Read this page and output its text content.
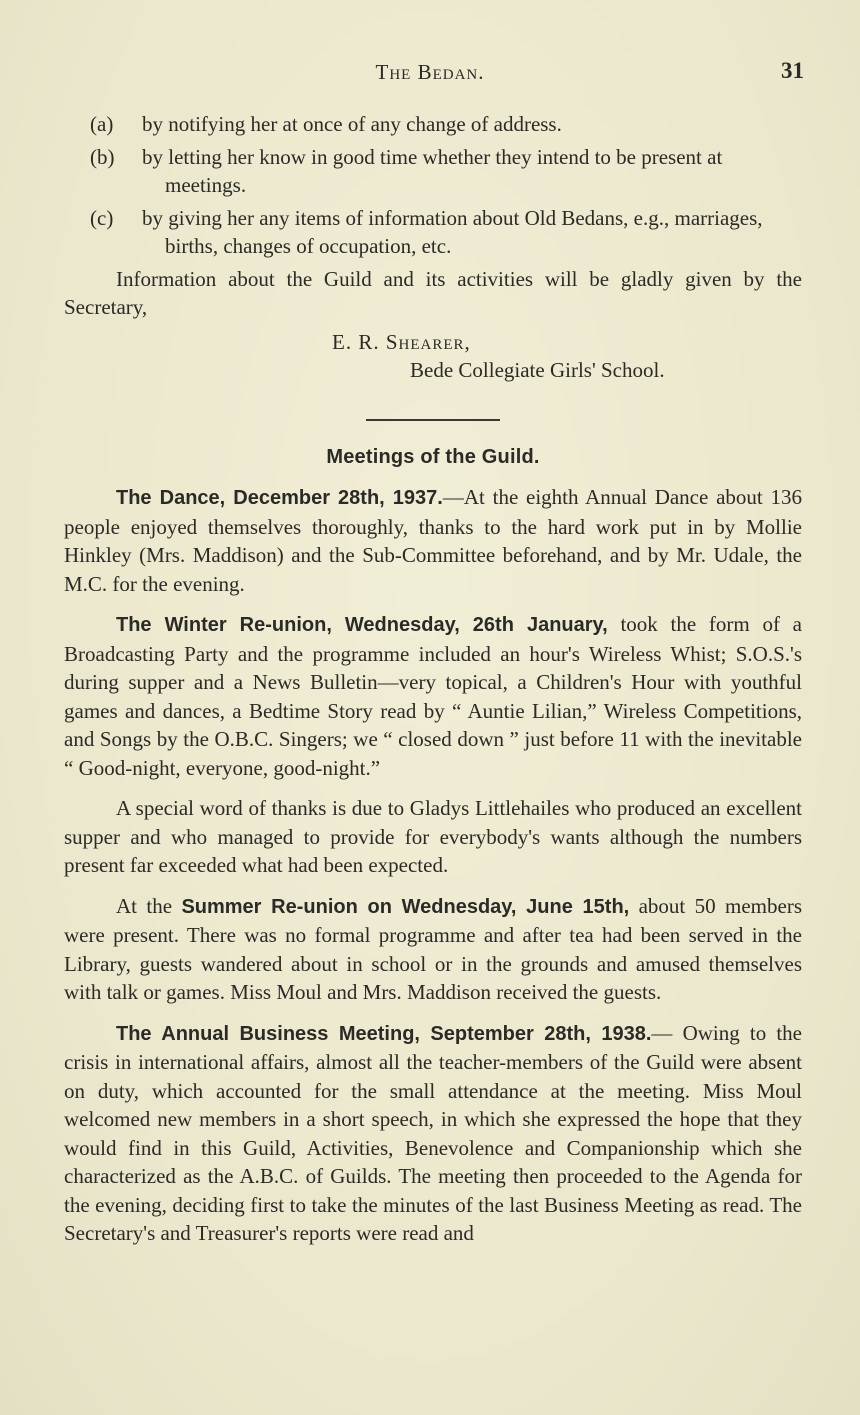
The Bedan.	31
(a) by notifying her at once of any change of address.
(b) by letting her know in good time whether they intend to be present at meetings.
(c) by giving her any items of information about Old Bedans, e.g., marriages, births, changes of occupation, etc.

Information about the Guild and its activities will be gladly given by the Secretary,

E. R. Shearer,
Bede Collegiate Girls' School.
Meetings of the Guild.

The Dance, December 28th, 1937.—At the eighth Annual Dance about 136 people enjoyed themselves thoroughly, thanks to the hard work put in by Mollie Hinkley (Mrs. Maddison) and the Sub-Committee beforehand, and by Mr. Udale, the M.C. for the evening.

The Winter Re-union, Wednesday, 26th January, took the form of a Broadcasting Party and the programme included an hour's Wireless Whist; S.O.S.'s during supper and a News Bulletin—very topical, a Children's Hour with youthful games and dances, a Bedtime Story read by “ Auntie Lilian,” Wireless Competitions, and Songs by the O.B.C. Singers; we “ closed down ” just before 11 with the inevitable “ Good-night, everyone, good-night.”

A special word of thanks is due to Gladys Littlehailes who produced an excellent supper and who managed to provide for everybody's wants although the numbers present far exceeded what had been expected.

At the Summer Re-union on Wednesday, June 15th, about 50 members were present. There was no formal programme and after tea had been served in the Library, guests wandered about in school or in the grounds and amused themselves with talk or games. Miss Moul and Mrs. Maddison received the guests.

The Annual Business Meeting, September 28th, 1938.— Owing to the crisis in international affairs, almost all the teacher-members of the Guild were absent on duty, which accounted for the small attendance at the meeting. Miss Moul welcomed new members in a short speech, in which she expressed the hope that they would find in this Guild, Activities, Benevolence and Companionship which she characterized as the A.B.C. of Guilds. The meeting then proceeded to the Agenda for the evening, deciding first to take the minutes of the last Business Meeting as read. The Secretary's and Treasurer's reports were read and
